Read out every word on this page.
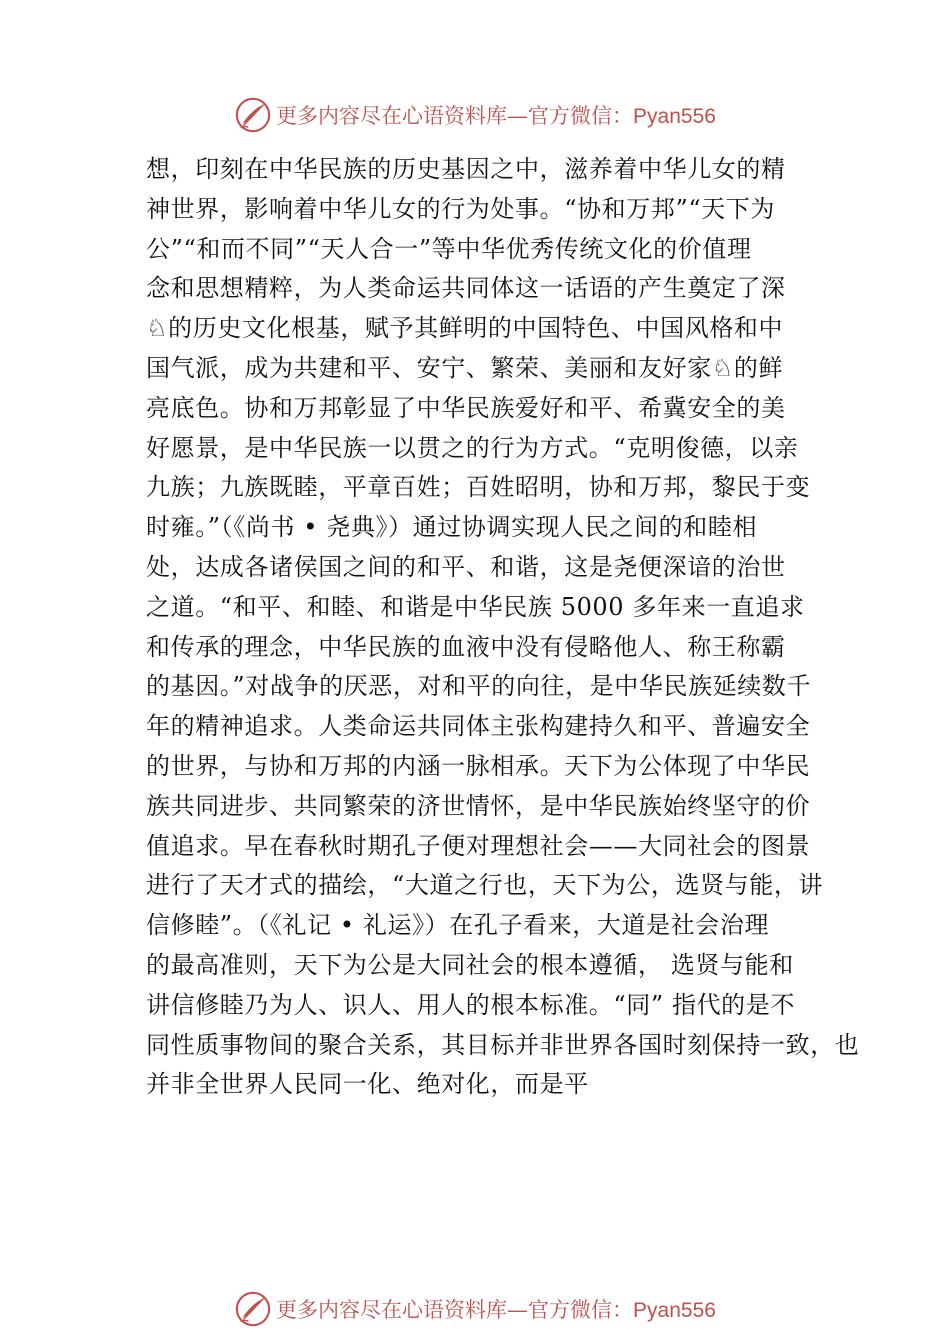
更多内容尽在心语资料库—官方微信：Pyan556
想，印刻在中华民族的历史基因之中，滋养着中华儿女的精
神世界，影响着中华儿女的行为处事。“协和万邦”“天下为
公”“和而不同”“天人合一”等中华优秀传统文化的价值理
念和思想精粹，为人类命运共同体这一话语的产生奠定了深
♘的历史文化根基，赋予其鲜明的中国特色、中国风格和中
国气派，成为共建和平、安宁、繁荣、美丽和友好家♘的鲜
亮底色。协和万邦彰显了中华民族爱好和平、希冀安全的美
好愿景，是中华民族一以贯之的行为方式。“克明俊德，以亲
九族；九族既睦，平章百姓；百姓昭明，协和万邦，黎民于变
时雍。”（《尚书 • 尧典》）通过协调实现人民之间的和睦相
处，达成各诸侯国之间的和平、和谐，这是尧便深谙的治世
之道。“和平、和睦、和谐是中华民族 5000 多年来一直追求
和传承的理念，中华民族的血液中没有侵略他人、称王称霸
的基因。”对战争的厌恶，对和平的向往，是中华民族延续数千
年的精神追求。人类命运共同体主张构建持久和平、普遍安全
的世界，与协和万邦的内涵一脉相承。天下为公体现了中华民
族共同进步、共同繁荣的济世情怀，是中华民族始终坚守的价
值追求。早在春秋时期孔子便对理想社会——大同社会的图景
进行了天才式的描绘，“大道之行也，天下为公，选贤与能，讲
信修睦”。（《礼记 • 礼运》）在孔子看来，大道是社会治理
的最高准则，天下为公是大同社会的根本遵循， 选贤与能和
讲信修睦乃为人、识人、用人的根本标准。“同” 指代的是不
同性质事物间的聚合关系，其目标并非世界各国时刻保持一致，也
并非全世界人民同一化、绝对化，而是平
更多内容尽在心语资料库—官方微信：Pyan556
